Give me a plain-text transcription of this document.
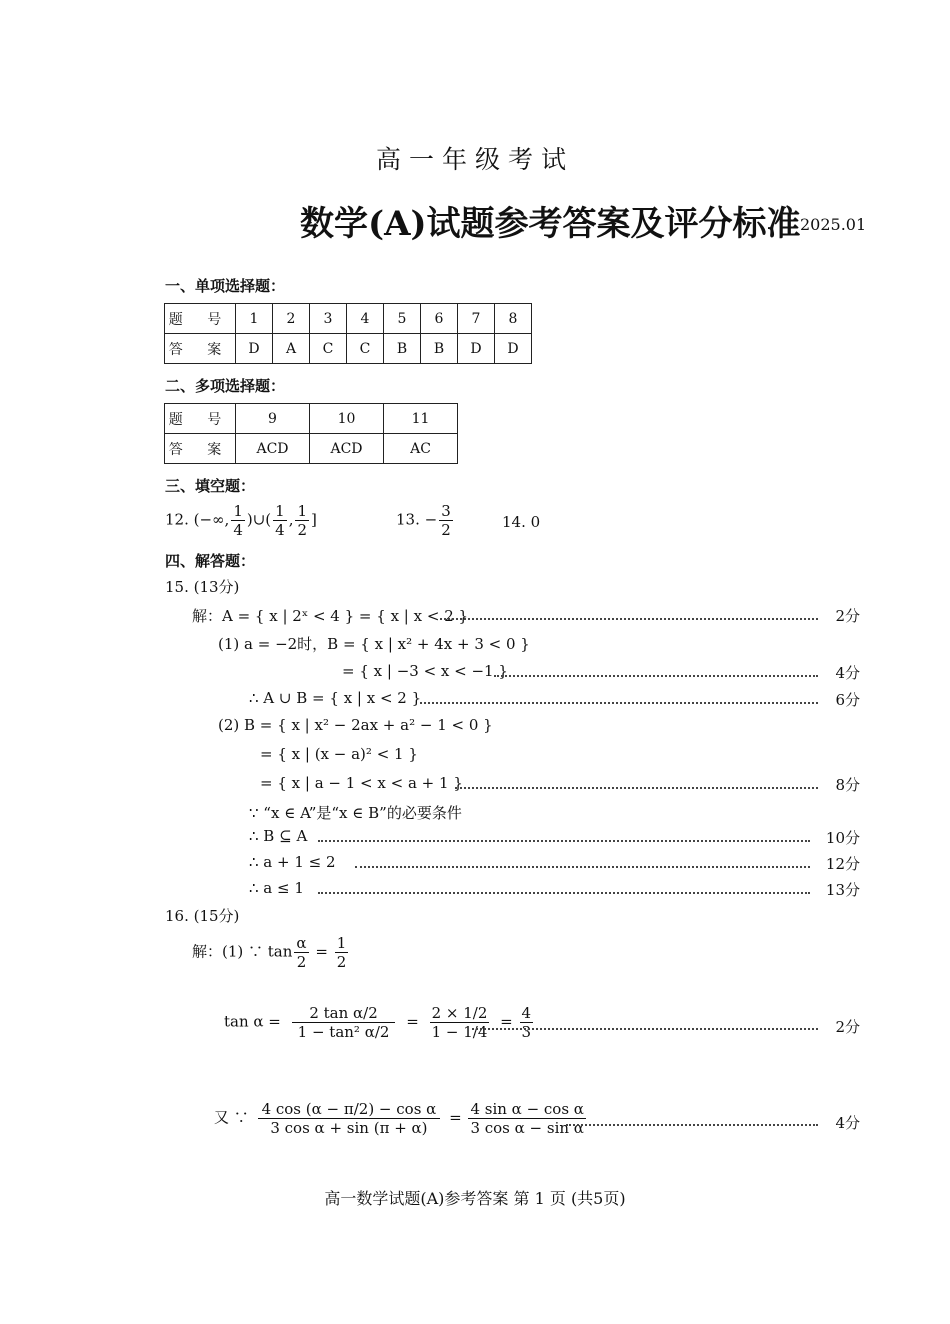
高一年级考试
数学(A)试题参考答案及评分标准 2025.01
一、单项选择题：
题 号	1	2	3	4	5	6	7	8
答 案	D	A	C	C	B	B	D	D
二、多项选择题：
题 号	9	10	11
答 案	ACD	ACD	AC
三、填空题：
12. (−∞, $\frac{1}{4}$ )∪( $\frac{1}{4}$ , $\frac{1}{2}$ ]	13. − $\frac{3}{2}$	14. 0
四、解答题：
15. (13分)
解：A = { x | 2ˣ < 4 } = { x | x < 2 }	2分
(1) a = −2时，B = { x | x² + 4x + 3 < 0 }
= { x | −3 < x < −1 }	4分
∴ A ∪ B = { x | x < 2 }	6分
(2) B = { x | x² − 2ax + a² − 1 < 0 }
= { x | (x − a)² < 1 }
= { x | a − 1 < x < a + 1 }	8分
∵ “x ∈ A”是“x ∈ B”的必要条件
∴ B ⊆ A	10分
∴ a + 1 ≤ 2	12分
∴ a ≤ 1	13分
16. (15分)
解：(1) ∵ $\tan \frac{\alpha}{2} = \frac{1}{2}$
$\tan \alpha = \frac{\text{2 tan α/2}}{\text{1 − tan² α/2}} = \frac{2 \times 1/2}{1 - 1/4} = \frac{4}{3}$	2分
又 ∵ $\frac{\text{4 cos (α − π/2) − cos α}}{\text{3 cos α + sin (π + α)}} = \frac{\text{4 sin α − cos α}}{\text{3 cos α − sin α}}$	4分
高一数学试题(A)参考答案 第 1 页 (共5页)
